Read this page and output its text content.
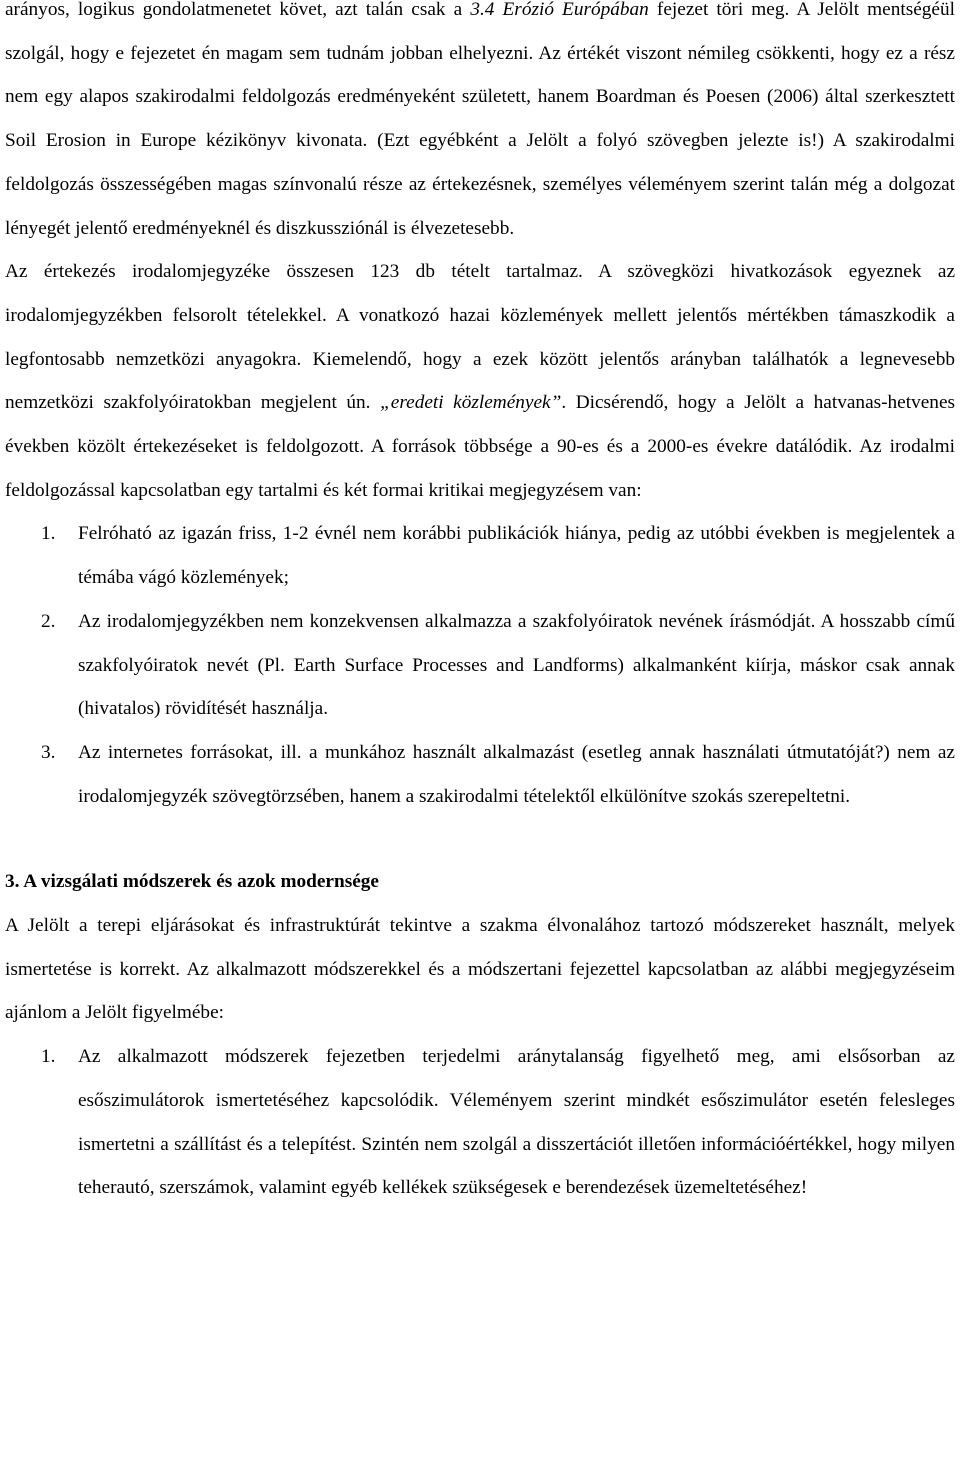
arányos, logikus gondolatmenetet követ, azt talán csak a 3.4 Erózió Európában fejezet töri meg. A Jelölt mentségéül szolgál, hogy e fejezetet én magam sem tudnám jobban elhelyezni. Az értékét viszont némileg csökkenti, hogy ez a rész nem egy alapos szakirodalmi feldolgozás eredményeként született, hanem Boardman és Poesen (2006) által szerkesztett Soil Erosion in Europe kézikönyv kivonata. (Ezt egyébként a Jelölt a folyó szövegben jelezte is!) A szakirodalmi feldolgozás összességében magas színvonalú része az értekezésnek, személyes véleményem szerint talán még a dolgozat lényegét jelentő eredményeknél és diszkussziónál is élvezetesebb.

Az értekezés irodalomjegyzéke összesen 123 db tételt tartalmaz. A szövegközi hivatkozások egyeznek az irodalomjegyzékben felsorolt tételekkel. A vonatkozó hazai közlemények mellett jelentős mértékben támaszkodik a legfontosabb nemzetközi anyagokra. Kiemelendő, hogy a ezek között jelentős arányban találhatók a legnevesebb nemzetközi szakfolyóiratokban megjelent ún. „eredeti közlemények”. Dicsérendő, hogy a Jelölt a hatvanas-hetvenes években közölt értekezéseket is feldolgozott. A források többsége a 90-es és a 2000-es évekre datálódik. Az irodalmi feldolgozással kapcsolatban egy tartalmi és két formai kritikai megjegyzésem van:

1. Felróható az igazán friss, 1-2 évnél nem korábbi publikációk hiánya, pedig az utóbbi években is megjelentek a témába vágó közlemények;
2. Az irodalomjegyzékben nem konzekvensen alkalmazza a szakfolyóiratok nevének írásmódját. A hosszabb című szakfolyóiratok nevét (Pl. Earth Surface Processes and Landforms) alkalmanként kiírja, máskor csak annak (hivatalos) rövidítését használja.
3. Az internetes forrásokat, ill. a munkához használt alkalmazást (esetleg annak használati útmutatóját?) nem az irodalomjegyzék szövegtörzsében, hanem a szakirodalmi tételektől elkülönítve szokás szerepeltetni.
3. A vizsgálati módszerek és azok modernsége

A Jelölt a terepi eljárásokat és infrastruktúrát tekintve a szakma élvonalához tartozó módszereket használt, melyek ismertetése is korrekt. Az alkalmazott módszerekkel és a módszertani fejezettel kapcsolatban az alábbi megjegyzéseim ajánlom a Jelölt figyelmébe:

1. Az alkalmazott módszerek fejezetben terjedelmi aránytalanság figyelhető meg, ami elsősorban az esőszimulátorok ismertetéséhez kapcsolódik. Véleményem szerint mindkét esőszimulátor esetén felesleges ismertetni a szállítást és a telepítést. Szintén nem szolgál a disszertációt illetően információértékkel, hogy milyen teherautó, szerszámok, valamint egyéb kellékek szükségesek e berendezések üzemeltetéséhez!
